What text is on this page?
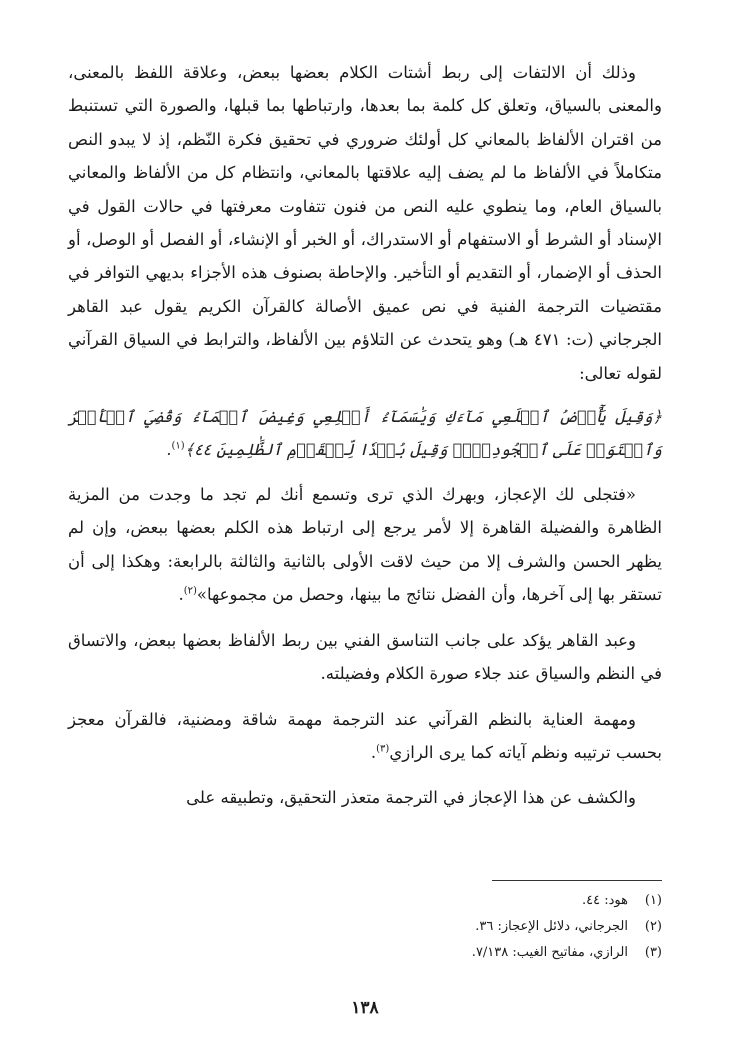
وذلك أن الالتفات إلى ربط أشتات الكلام بعضها ببعض، وعلاقة اللفظ بالمعنى، والمعنى بالسياق، وتعلق كل كلمة بما بعدها، وارتباطها بما قبلها، والصورة التي تستنبط من اقتران الألفاظ بالمعاني كل أولئك ضروري في تحقيق فكرة النّظم، إذ لا يبدو النص متكاملاً في الألفاظ ما لم يضف إليه علاقتها بالمعاني، وانتظام كل من الألفاظ والمعاني بالسياق العام، وما ينطوي عليه النص من فنون تتفاوت معرفتها في حالات القول في الإسناد أو الشرط أو الاستفهام أو الاستدراك، أو الخبر أو الإنشاء، أو الفصل أو الوصل، أو الحذف أو الإضمار، أو التقديم أو التأخير. والإحاطة بصنوف هذه الأجزاء بديهي التوافر في مقتضيات الترجمة الفنية في نص عميق الأصالة كالقرآن الكريم يقول عبد القاهر الجرجاني (ت: ٤٧١ هـ) وهو يتحدث عن التلاؤم بين الألفاظ، والترابط في السياق القرآني لقوله تعالى:

﴿وَقِيلَ يَٰٓأَرۡضُ ٱبۡلَعِي مَآءَكِ وَيَٰسَمَآءُ أَقۡلِعِي وَغِيضَ ٱلۡمَآءُ وَقُضِيَ ٱلۡأَمۡرُ وَٱسۡتَوَتۡ عَلَى ٱلۡجُودِيِّۖ وَقِيلَ بُعۡدٗا لِّلۡقَوۡمِ ٱلظَّٰلِمِينَ ٤٤﴾$^{(١)}$.

«فتجلى لك الإعجاز، وبهرك الذي ترى وتسمع أنك لم تجد ما وجدت من المزية الظاهرة والفضيلة القاهرة إلا لأمر يرجع إلى ارتباط هذه الكلم بعضها ببعض، وإن لم يظهر الحسن والشرف إلا من حيث لاقت الأولى بالثانية والثالثة بالرابعة: وهكذا إلى أن تستقر بها إلى آخرها، وأن الفضل نتائج ما بينها، وحصل من مجموعها»$^{(٢)}$.

وعبد القاهر يؤكد على جانب التناسق الفني بين ربط الألفاظ بعضها ببعض، والاتساق في النظم والسياق عند جلاء صورة الكلام وفضيلته.

ومهمة العناية بالنظم القرآني عند الترجمة مهمة شاقة ومضنية، فالقرآن معجز بحسب ترتيبه ونظم آياته كما يرى الرازي$^{(٣)}$.

والكشف عن هذا الإعجاز في الترجمة متعذر التحقيق، وتطبيقه على

(١)هود: ٤٤.
(٢)الجرجاني، دلائل الإعجاز: ٣٦.
(٣)الرازي، مفاتيح الغيب: ٧/١٣٨.
١٣٨
